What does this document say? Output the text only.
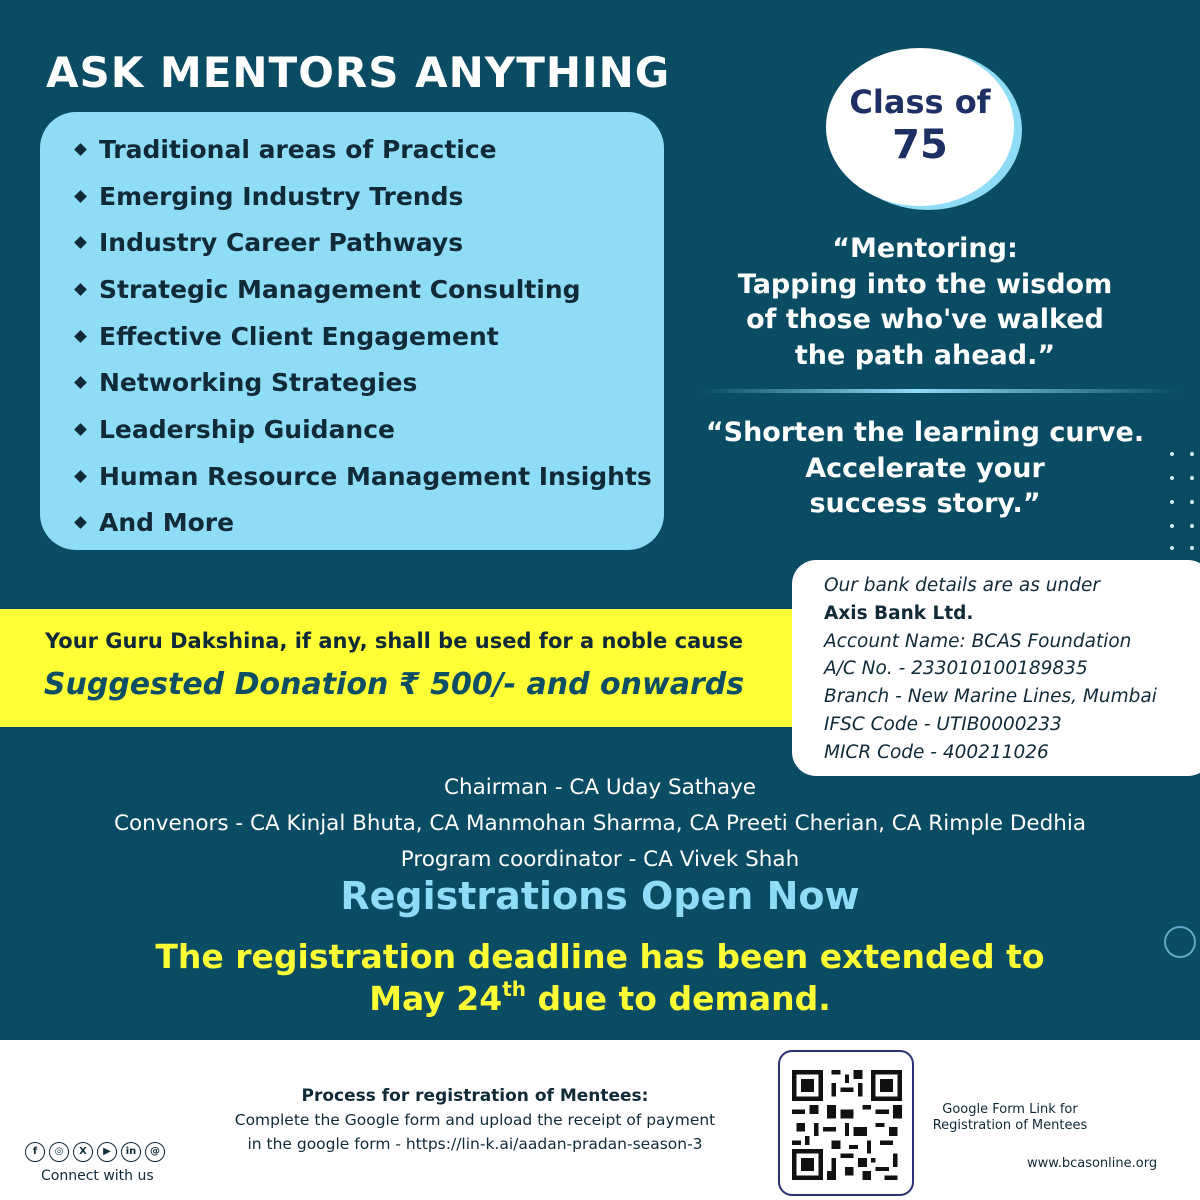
ASK MENTORS ANYTHING
Traditional areas of Practice
Emerging Industry Trends
Industry Career Pathways
Strategic Management Consulting
Effective Client Engagement
Networking Strategies
Leadership Guidance
Human Resource Management Insights
And More
Class of
75
“Mentoring:
Tapping into the wisdom
of those who've walked
the path ahead.”
“Shorten the learning curve.
Accelerate your
success story.”
Your Guru Dakshina, if any, shall be used for a noble cause
Suggested Donation ₹ 500/- and onwards
Our bank details are as under
Axis Bank Ltd.
Account Name: BCAS Foundation
A/C No. - 233010100189835
Branch - New Marine Lines, Mumbai
IFSC Code - UTIB0000233
MICR Code - 400211026
Chairman - CA Uday Sathaye
Convenors - CA Kinjal Bhuta, CA Manmohan Sharma, CA Preeti Cherian, CA Rimple Dedhia
Program coordinator - CA Vivek Shah
Registrations Open Now
The registration deadline has been extended to
May 24th due to demand.
Process for registration of Mentees:
Complete the Google form and upload the receipt of payment
in the google form - https://lin-k.ai/aadan-pradan-season-3
f	◎	X	▶	in	@
Connect with us
Google Form Link for
Registration of Mentees
www.bcasonline.org
